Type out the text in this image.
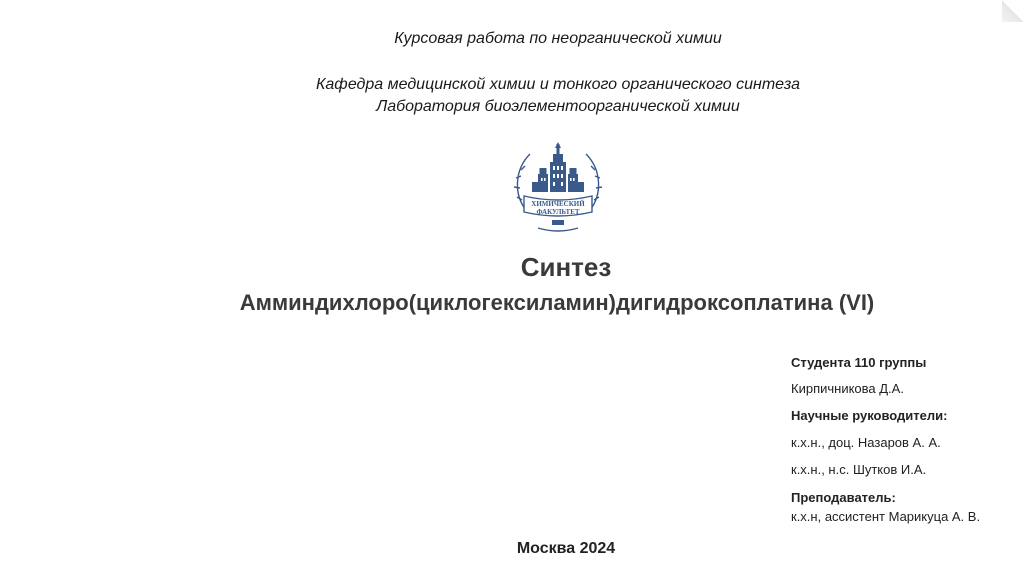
Курсовая работа по неорганической химии
Кафедра медицинской химии и тонкого органического синтеза
Лаборатория биоэлементоорганической химии
ХИМИЧЕСКИЙ
ФАКУЛЬТЕТ
Синтез
Амминдихлоро(циклогексиламин)дигидроксоплатина (VI)
Студента 110 группы
Кирпичникова Д.А.
Научные руководители:
к.х.н., доц. Назаров А. А.
к.х.н., н.с. Шутков И.А.
Преподаватель:
к.х.н, ассистент Марикуца А. В.
Москва 2024
